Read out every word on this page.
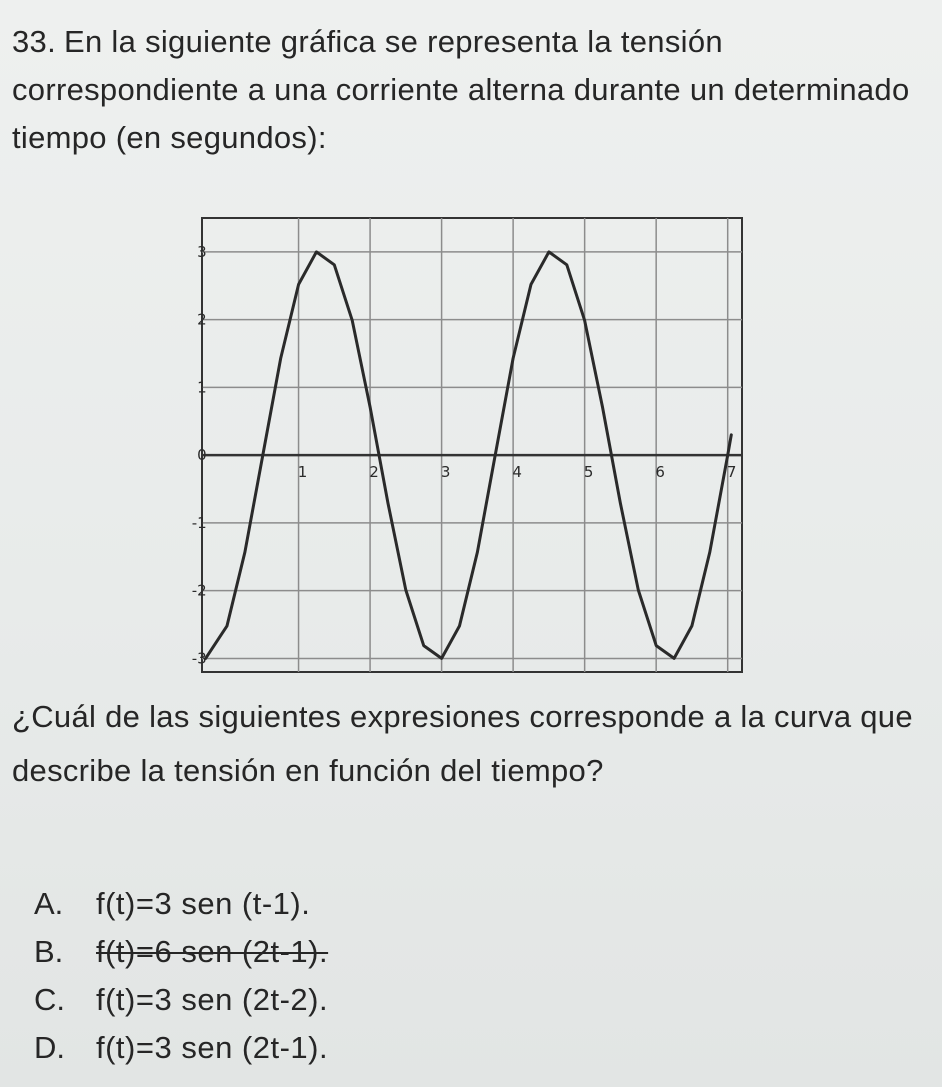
33. En la siguiente gráfica se representa la tensión correspondiente a una corriente alterna durante un determinado tiempo (en segundos):

1	2	3	4	5	6	7
3
2
1
0
-1
-2
-3

¿Cuál de las siguientes expresiones corresponde a la curva que describe la tensión en función del tiempo?

A. f(t)=3 sen (t-1).
B. f(t)=6 sen (2t-1).
C. f(t)=3 sen (2t-2).
D. f(t)=3 sen (2t-1).
